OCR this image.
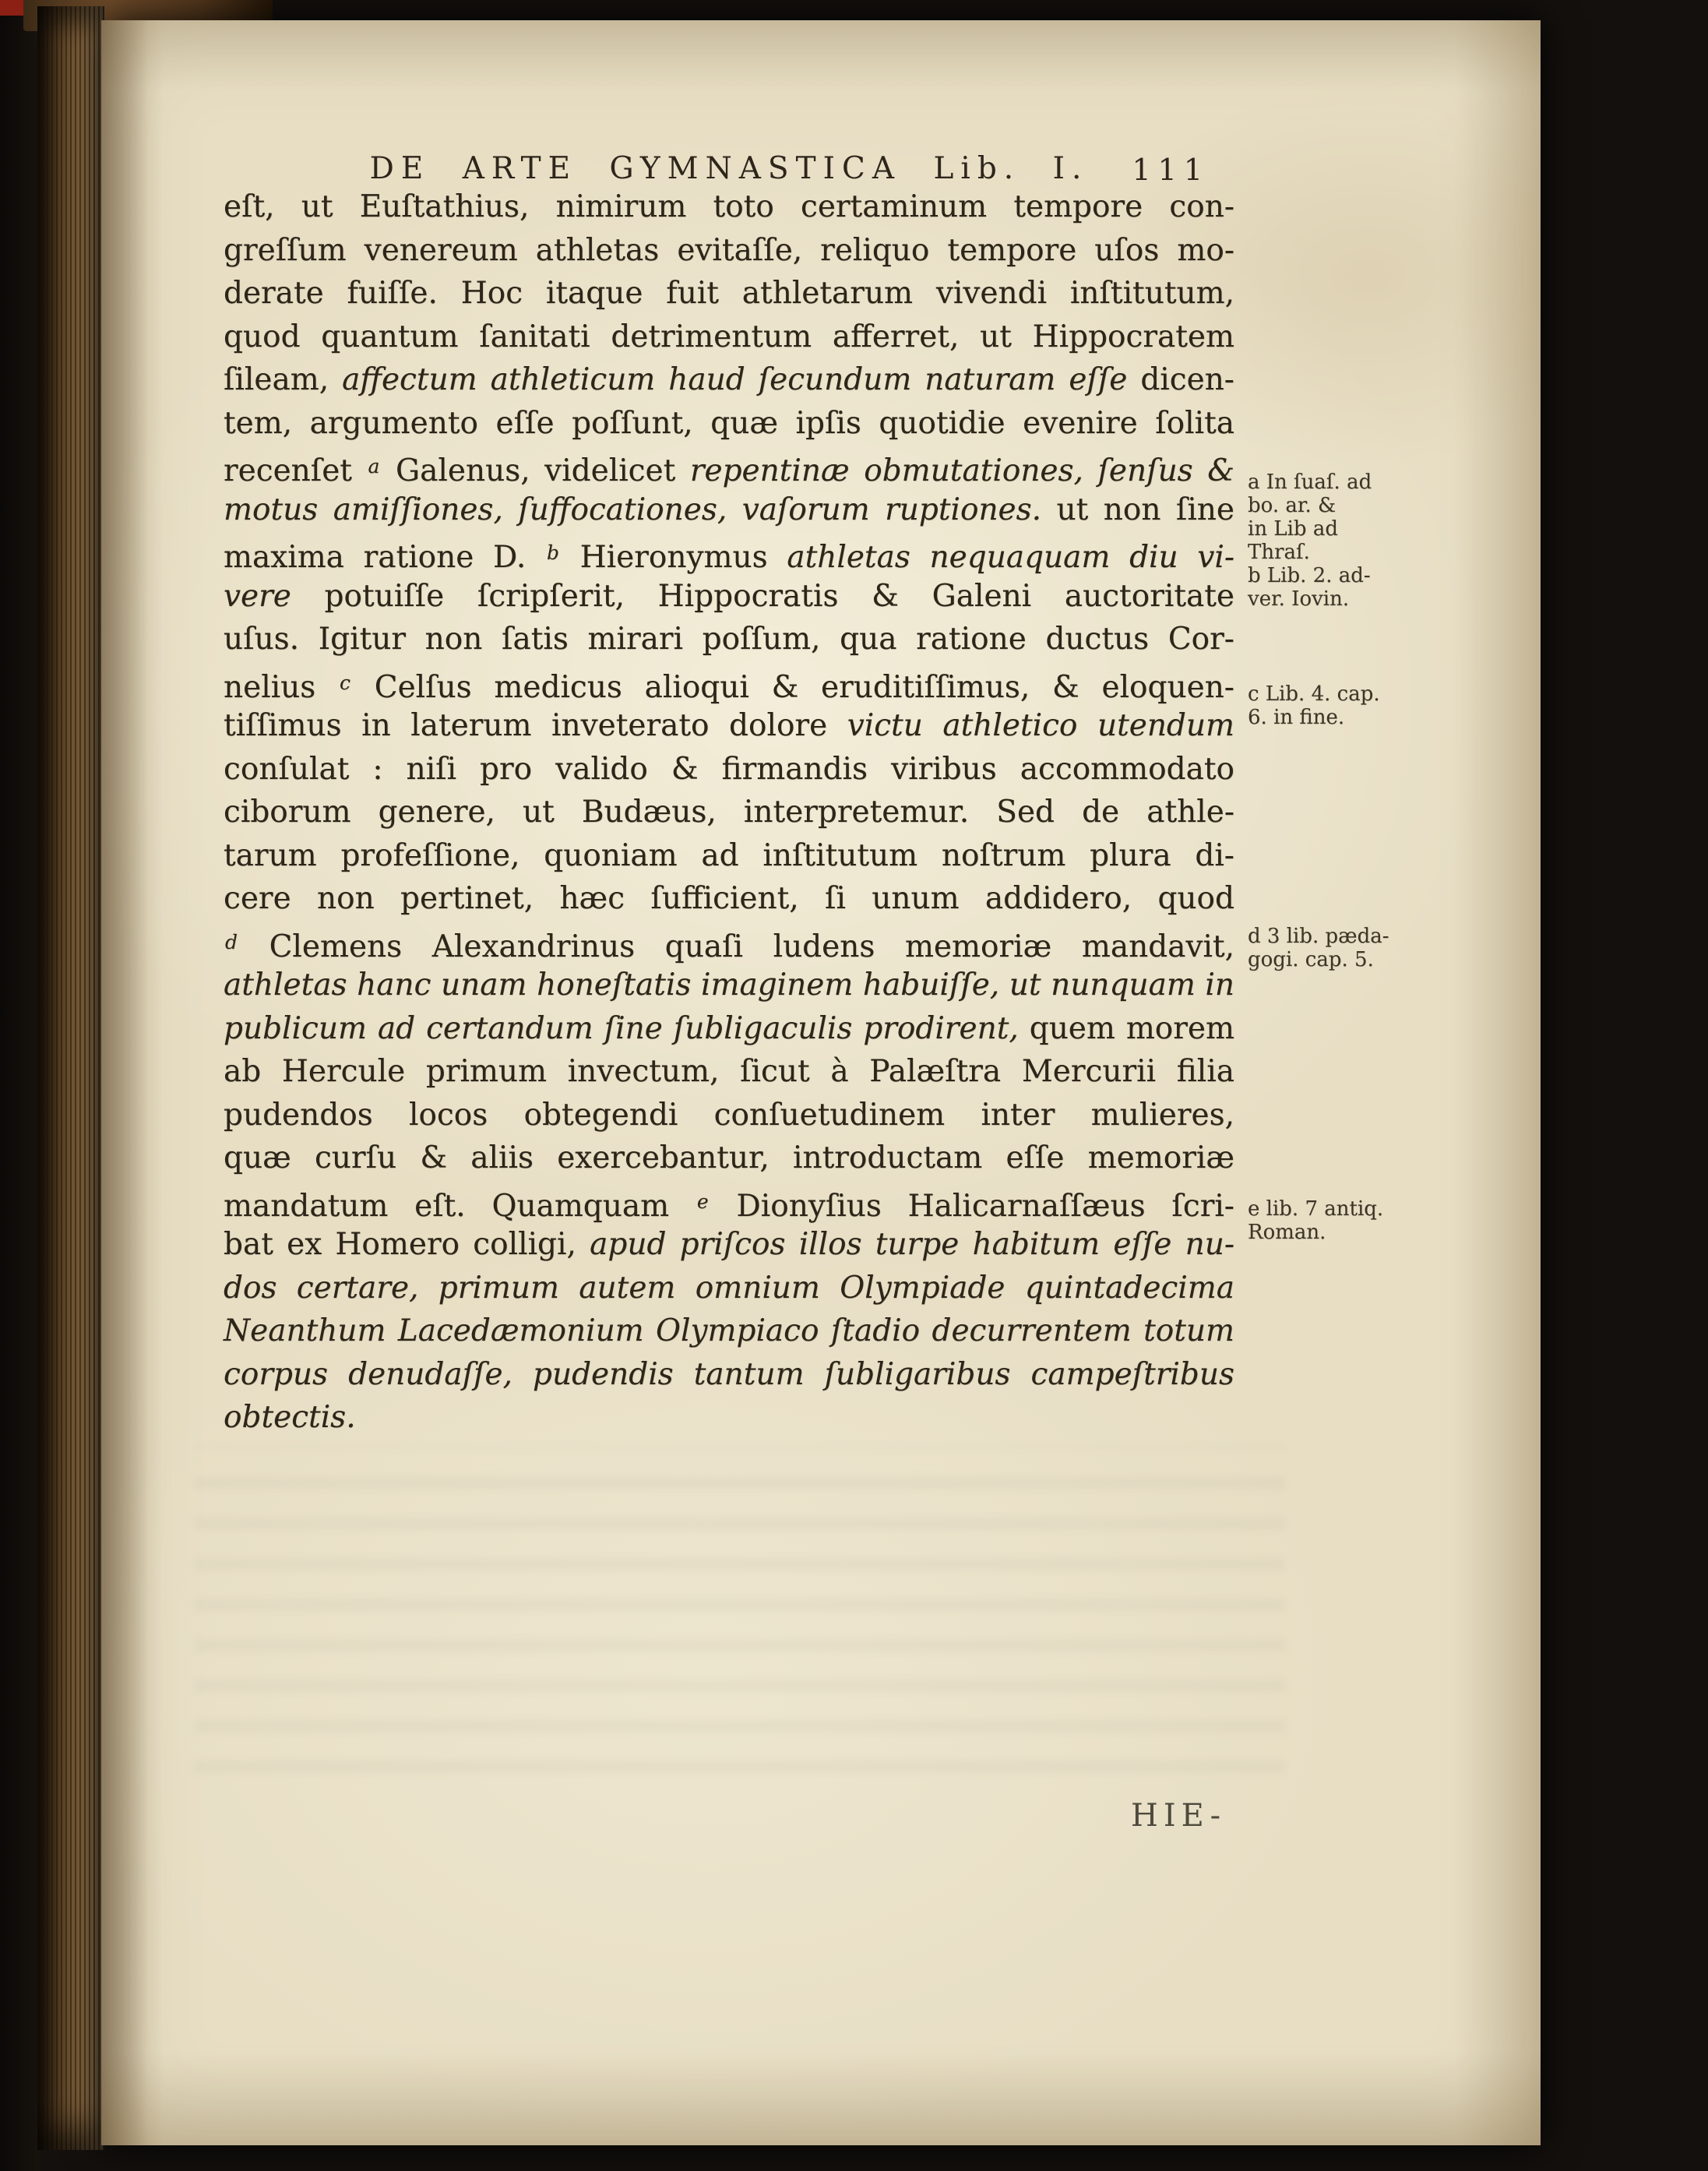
DE ARTE GYMNASTICA Lib. I. 111
eſt, ut Euſtathius, nimirum toto certaminum tempore con-
greſſum venereum athletas evitaſſe, reliquo tempore uſos mo-
derate fuiſſe. Hoc itaque fuit athletarum vivendi inſtitutum,
quod quantum ſanitati detrimentum afferret, ut Hippocratem
ſileam, affectum athleticum haud ſecundum naturam eſſe dicen-
tem, argumento eſſe poſſunt, quæ ipſis quotidie evenire ſolita
recenſet $^a$ Galenus, videlicet repentinæ obmutationes, ſenſus &
motus amiſſiones, ſuffocationes, vaſorum ruptiones. ut non ſine
maxima ratione D. $^b$ Hieronymus athletas nequaquam diu vi-
vere potuiſſe ſcripſerit, Hippocratis & Galeni auctoritate
uſus. Igitur non ſatis mirari poſſum, qua ratione ductus Cor-
nelius $^c$ Celſus medicus alioqui & eruditiſſimus, & eloquen-
tiſſimus in laterum inveterato dolore victu athletico utendum
conſulat : niſi pro valido & firmandis viribus accommodato
ciborum genere, ut Budæus, interpretemur. Sed de athle-
tarum profeſſione, quoniam ad inſtitutum noſtrum plura di-
cere non pertinet, hæc ſufficient, ſi unum addidero, quod
$^d$ Clemens Alexandrinus quaſi ludens memoriæ mandavit,
athletas hanc unam honeſtatis imaginem habuiſſe, ut nunquam in
publicum ad certandum ſine ſubligaculis prodirent, quem morem
ab Hercule primum invectum, ſicut à Palæſtra Mercurii filia
pudendos locos obtegendi conſuetudinem inter mulieres,
quæ curſu & aliis exercebantur, introductam eſſe memoriæ
mandatum eſt. Quamquam $^e$ Dionyſius Halicarnaſſæus ſcri-
bat ex Homero colligi, apud priſcos illos turpe habitum eſſe nu-
dos certare, primum autem omnium Olympiade quintadecima
Neanthum Lacedæmonium Olympiaco ſtadio decurrentem totum
corpus denudaſſe, pudendis tantum ſubligaribus campeſtribus
obtectis.
a In ſuaſ. ad
bo. ar. &
in Lib ad
Thraſ.
b Lib. 2. ad-
ver. Iovin.
c Lib. 4. cap.
6. in fine.
d 3 lib. pæda-
gogi. cap. 5.
e lib. 7 antiq.
Roman.
HIE-
